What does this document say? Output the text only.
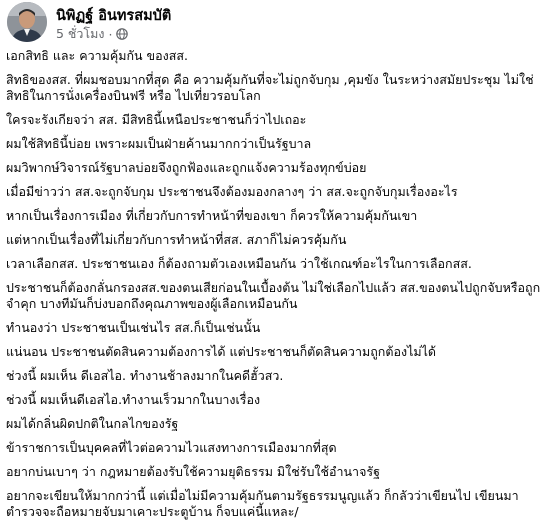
นิพิฏฐ์ อินทรสมบัติ
5 ชั่วโมง ·

เอกสิทธิ และ ความคุ้มกัน ของสส.

สิทธิของสส. ที่ผมชอบมากที่สุด คือ ความคุ้มกันที่จะไม่ถูกจับกุม ,คุมขัง ในระหว่างสมัยประชุม ไม่ใช่สิทธิในการนั่งเครื่องบินฟรี หรือ ไปเที่ยวรอบโลก

ใครจะรังเกียจว่า สส. มีสิทธินี้เหนือประชาชนก็ว่าไปเถอะ

ผมใช้สิทธินี้บ่อย เพราะผมเป็นฝ่ายค้านมากกว่าเป็นรัฐบาล

ผมวิพากษ์วิจารณ์รัฐบาลบ่อยจึงถูกฟ้องและถูกแจ้งความร้องทุกข์บ่อย

เมื่อมีข่าวว่า สส.จะถูกจับกุม ประชาชนจึงต้องมองกลางๆ ว่า สส.จะถูกจับกุมเรื่องอะไร

หากเป็นเรื่องการเมือง ที่เกี่ยวกับการทำหน้าที่ของเขา ก็ควรให้ความคุ้มกันเขา

แต่หากเป็นเรื่องที่ไม่เกี่ยวกับการทำหน้าที่สส. สภาก็ไม่ควรคุ้มกัน

เวลาเลือกสส. ประชาชนเอง ก็ต้องถามตัวเองเหมือนกัน ว่าใช้เกณฑ์อะไรในการเลือกสส.

ประชาชนก็ต้องกลั่นกรองสส.ของตนเสียก่อนในเบื้องต้น ไม่ใช่เลือกไปแล้ว สส.ของตนไปถูกจับหรือถูกจำคุก บางทีมันก็บ่งบอกถึงคุณภาพของผู้เลือกเหมือนกัน

ทำนองว่า ประชาชนเป็นเช่นไร สส.ก็เป็นเช่นนั้น

แน่นอน ประชาชนตัดสินความต้องการได้ แต่ประชาชนก็ตัดสินความถูกต้องไม่ได้

ช่วงนี้ ผมเห็น ดีเอสไอ. ทำงานช้าลงมากในคดีฮั้วสว.

ช่วงนี้ ผมเห็นดีเอสไอ.ทำงานเร็วมากในบางเรื่อง

ผมได้กลิ่นผิดปกติในกลไกของรัฐ

ข้าราชการเป็นบุคคลที่ไวต่อความไวแสงทางการเมืองมากที่สุด

อยากบ่นเบาๆ ว่า กฎหมายต้องรับใช้ความยุติธรรม มิใช่รับใช้อำนาจรัฐ

อยากจะเขียนให้มากกว่านี้ แต่เมื่อไม่มีความคุ้มกันตามรัฐธรรมนูญแล้ว ก็กลัวว่าเขียนไป เขียนมา ตำรวจจะถือหมายจับมาเคาะประตูบ้าน ก็จบแค่นี้แหละ/
